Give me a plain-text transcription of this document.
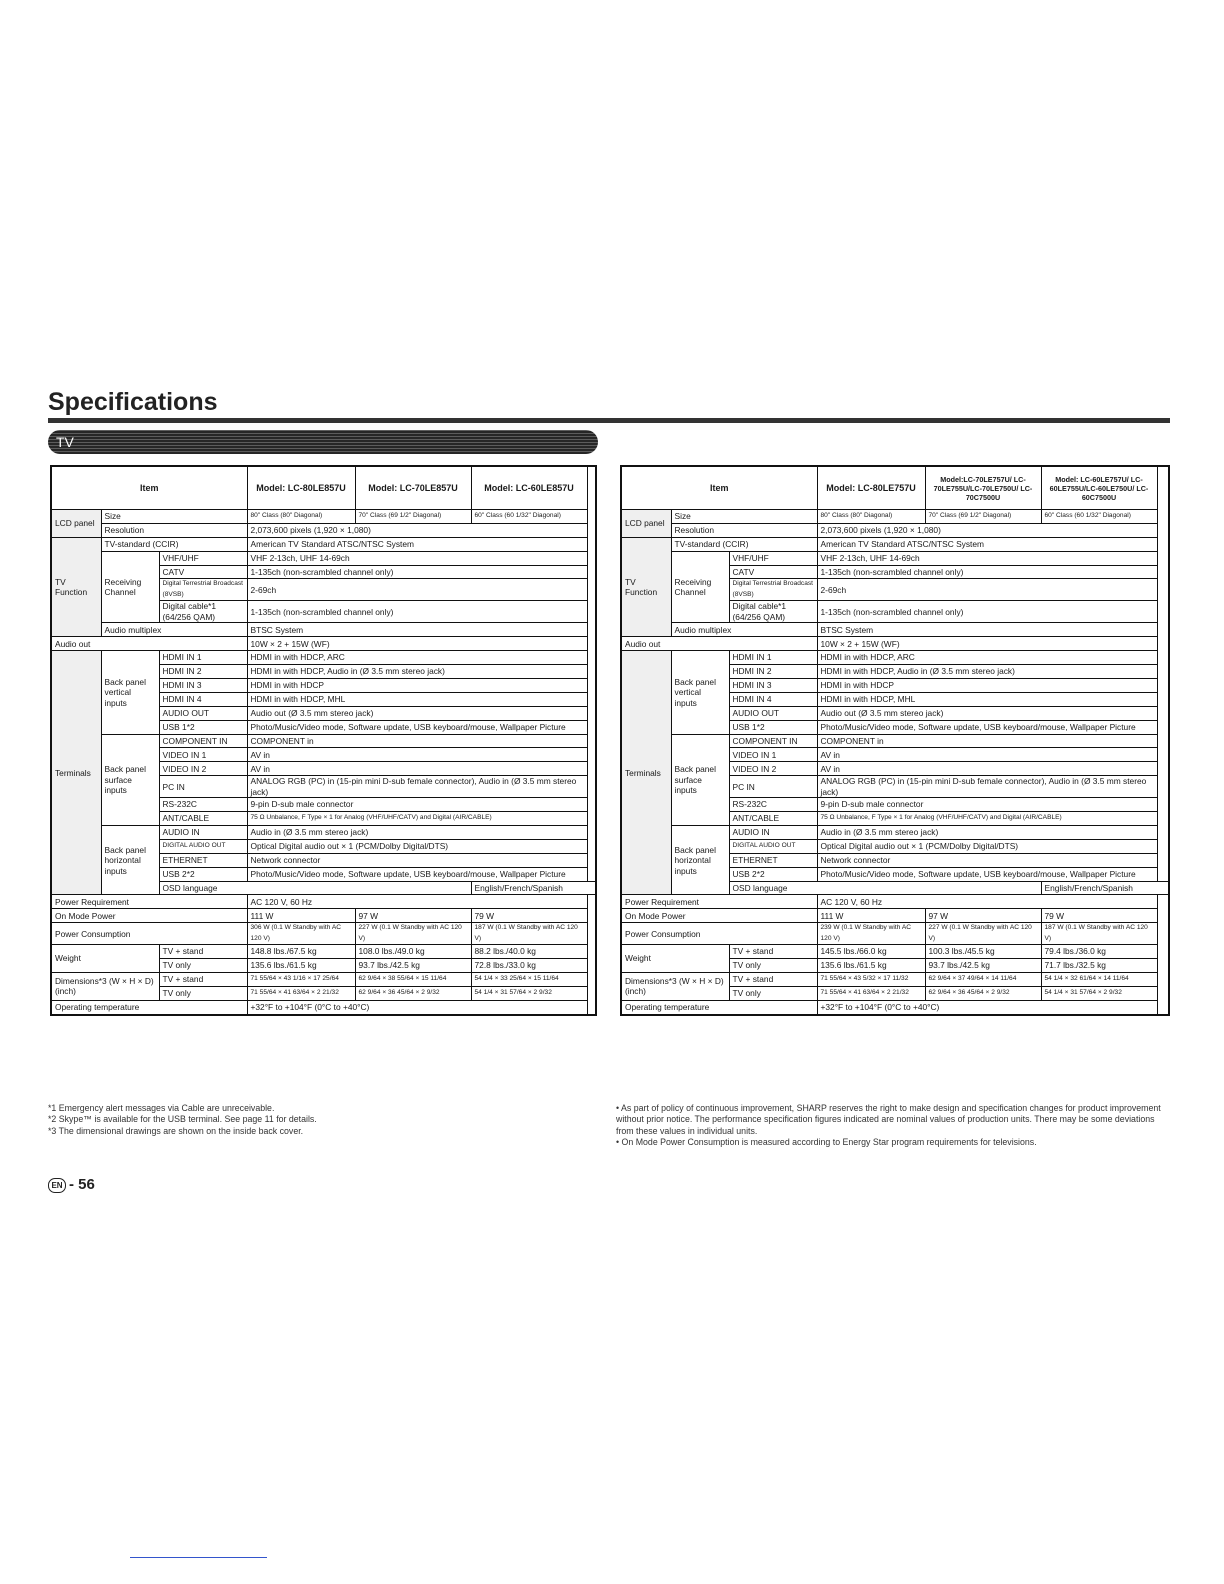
Specifications
TV
Item			Model: LC-80LE857U	Model: LC-70LE857U	Model: LC-60LE857U
LCD panel	Size		80" Class (80" Diagonal)	70" Class (69 1/2" Diagonal)	60" Class (60 1/32" Diagonal)
	Resolution		2,073,600 pixels (1,920 × 1,080)		
TV Function	TV-standard (CCIR)		American TV Standard ATSC/NTSC System		
	Receiving Channel	VHF/UHF	VHF 2-13ch, UHF 14-69ch		
		CATV	1-135ch (non-scrambled channel only)		
		Digital Terrestrial Broadcast (8VSB)	2-69ch		

		Digital cable*1 (64/256 QAM)	1-135ch (non-scrambled channel only)		
	Audio multiplex		BTSC System		
Audio out			10W × 2 + 15W (WF)		
Terminals	Back panel vertical inputs	HDMI IN 1	HDMI in with HDCP, ARC		
		HDMI IN 2	HDMI in with HDCP, Audio in (Ø 3.5 mm stereo jack)		
		HDMI IN 3	HDMI in with HDCP		
		HDMI IN 4	HDMI in with HDCP, MHL		
		AUDIO OUT	Audio out (Ø 3.5 mm stereo jack)		
		USB 1*2	Photo/Music/Video mode, Software update, USB keyboard/mouse, Wallpaper Picture		

	Back panel surface inputs	COMPONENT IN	COMPONENT in		
		VIDEO IN 1	AV in		
		VIDEO IN 2	AV in		
		PC IN	ANALOG RGB (PC) in (15-pin mini D-sub female connector), Audio in (Ø 3.5 mm stereo jack)		

		RS-232C	9-pin D-sub male connector		
		ANT/CABLE	75 Ω Unbalance, F Type × 1 for Analog (VHF/UHF/CATV) and Digital (AIR/CABLE)		
	Back panel horizontal inputs	AUDIO IN	Audio in (Ø 3.5 mm stereo jack)		
		DIGITAL AUDIO OUT	Optical Digital audio out × 1 (PCM/Dolby Digital/DTS)		
		ETHERNET	Network connector		
		USB 2*2	Photo/Music/Video mode, Software update, USB keyboard/mouse, Wallpaper Picture		

		OSD language			English/French/Spanish
Power Requirement			AC 120 V, 60 Hz		
On Mode Power			111 W	97 W	79 W
Power Consumption			306 W (0.1 W Standby with AC 120 V)	227 W (0.1 W Standby with AC 120 V)	187 W (0.1 W Standby with AC 120 V)

Weight		TV + stand	148.8 lbs./67.5 kg	108.0 lbs./49.0 kg	88.2 lbs./40.0 kg
		TV only	135.6 lbs./61.5 kg	93.7 lbs./42.5 kg	72.8 lbs./33.0 kg
Dimensions*3 (W × H × D) (inch)		TV + stand	71 55/64 × 43 1/16 × 17 25/64	62 9/64 × 38 55/64 × 15 11/64	54 1/4 × 33 25/64 × 15 11/64
		TV only	71 55/64 × 41 63/64 × 2 21/32	62 9/64 × 36 45/64 × 2 9/32	54 1/4 × 31 57/64 × 2 9/32
Operating temperature			+32°F to +104°F (0°C to +40°C)		
Item			Model: LC-80LE757U	Model:LC-70LE757U/ LC-70LE755U/LC-70LE750U/ LC-70C7500U	Model: LC-60LE757U/ LC-60LE755U/LC-60LE750U/ LC-60C7500U
LCD panel	Size		80" Class (80" Diagonal)	70" Class (69 1/2" Diagonal)	60" Class (60 1/32" Diagonal)
	Resolution		2,073,600 pixels (1,920 × 1,080)		
TV Function	TV-standard (CCIR)		American TV Standard ATSC/NTSC System		
	Receiving Channel	VHF/UHF	VHF 2-13ch, UHF 14-69ch		
		CATV	1-135ch (non-scrambled channel only)		
		Digital Terrestrial Broadcast (8VSB)	2-69ch		

		Digital cable*1 (64/256 QAM)	1-135ch (non-scrambled channel only)		
	Audio multiplex		BTSC System		
Audio out			10W × 2 + 15W (WF)		
Terminals	Back panel vertical inputs	HDMI IN 1	HDMI in with HDCP, ARC		
		HDMI IN 2	HDMI in with HDCP, Audio in (Ø 3.5 mm stereo jack)		
		HDMI IN 3	HDMI in with HDCP		
		HDMI IN 4	HDMI in with HDCP, MHL		
		AUDIO OUT	Audio out (Ø 3.5 mm stereo jack)		
		USB 1*2	Photo/Music/Video mode, Software update, USB keyboard/mouse, Wallpaper Picture		

	Back panel surface inputs	COMPONENT IN	COMPONENT in		
		VIDEO IN 1	AV in		
		VIDEO IN 2	AV in		
		PC IN	ANALOG RGB (PC) in (15-pin mini D-sub female connector), Audio in (Ø 3.5 mm stereo jack)		

		RS-232C	9-pin D-sub male connector		
		ANT/CABLE	75 Ω Unbalance, F Type × 1 for Analog (VHF/UHF/CATV) and Digital (AIR/CABLE)		
	Back panel horizontal inputs	AUDIO IN	Audio in (Ø 3.5 mm stereo jack)		
		DIGITAL AUDIO OUT	Optical Digital audio out × 1 (PCM/Dolby Digital/DTS)		
		ETHERNET	Network connector		
		USB 2*2	Photo/Music/Video mode, Software update, USB keyboard/mouse, Wallpaper Picture		

		OSD language			English/French/Spanish
Power Requirement			AC 120 V, 60 Hz		
On Mode Power			111 W	97 W	79 W
Power Consumption			239 W (0.1 W Standby with AC 120 V)	227 W (0.1 W Standby with AC 120 V)	187 W (0.1 W Standby with AC 120 V)

Weight		TV + stand	145.5 lbs./66.0 kg	100.3 lbs./45.5 kg	79.4 lbs./36.0 kg
		TV only	135.6 lbs./61.5 kg	93.7 lbs./42.5 kg	71.7 lbs./32.5 kg
Dimensions*3 (W × H × D) (inch)		TV + stand	71 55/64 × 43 5/32 × 17 11/32	62 9/64 × 37 49/64 × 14 11/64	54 1/4 × 32 61/64 × 14 11/64
		TV only	71 55/64 × 41 63/64 × 2 21/32	62 9/64 × 36 45/64 × 2 9/32	54 1/4 × 31 57/64 × 2 9/32
Operating temperature			+32°F to +104°F (0°C to +40°C)		
*1 Emergency alert messages via Cable are unreceivable.
*2 Skype™ is available for the USB terminal. See page 11 for details.
*3 The dimensional drawings are shown on the inside back cover.
• As part of policy of continuous improvement, SHARP reserves the right to make design and specification changes for product improvement without prior notice. The performance specification figures indicated are nominal values of production units. There may be some deviations from these values in individual units.
• On Mode Power Consumption is measured according to Energy Star program requirements for televisions.
EN - 56
